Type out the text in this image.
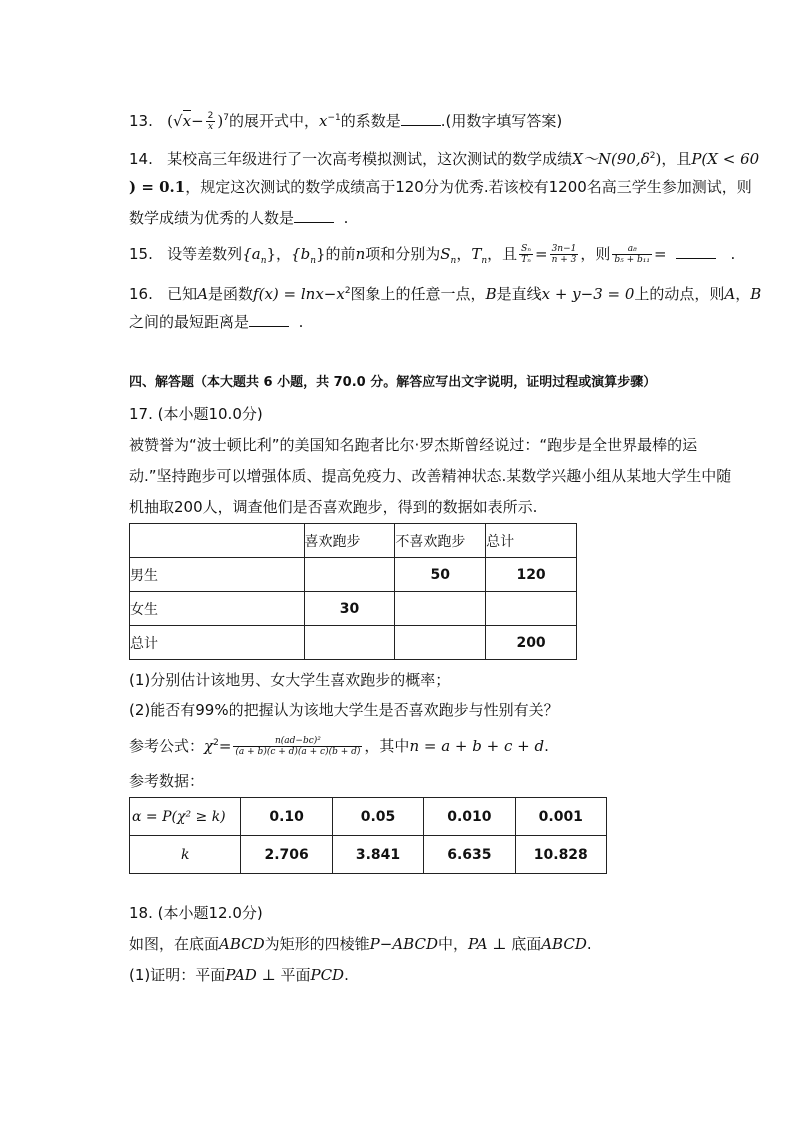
13. $(√x- \frac{2}{x} )^7$的展开式中，$x^{-1}$的系数是	.(用数字填写答案)
14. 某校高三年级进行了一次高考模拟测试，这次测试的数学成绩$X\sim N(90,\delta^2)$，且P(X < 60
) = 0.1，规定这次测试的数学成绩高于120分为优秀.若该校有1200名高三学生参加测试，则
数学成绩为优秀的人数是	.
15. 设等差数列$\{a_n\}$，$\{b_n\}$的前n项和分别为$S_n$，$T_n$，且 $\frac{\text{Sₙ}}{\text{Tₙ}} = \frac{3n-1}{n + 3}$ ，则 $\frac{\text{a₈}}{\text{b₅ + b₁₁}}$ =	.
16. 已知A是函数$f(x) = \ln x-x^2$图象上的任意一点，B是直线x + y−3 = 0上的动点，则A，B
之间的最短距离是	.
四、解答题（本大题共 6 小题，共 70.0 分。解答应写出文字说明，证明过程或演算步骤）
17. (本小题10.0分)
被赞誉为“波士顿比利”的美国知名跑者比尔·罗杰斯曾经说过：“跑步是全世界最棒的运
动.”坚持跑步可以增强体质、提高免疫力、改善精神状态.某数学兴趣小组从某地大学生中随
机抽取200人，调查他们是否喜欢跑步，得到的数据如表所示.
	喜欢跑步	不喜欢跑步	总计
男生		50	120
女生	30		
总计			200
(1)分别估计该地男、女大学生喜欢跑步的概率；
(2)能否有99%的把握认为该地大学生是否喜欢跑步与性别有关？
参考公式：$\chi^2= \frac{\text{n(ad−bc)²}}{(a + b)(c + d)(a + c)(b + d)}$ ，其中n = a + b + c + d.
参考数据：
α = P(χ² ≥ k)	0.10	0.05	0.010	0.001
k	2.706	3.841	6.635	10.828
18. (本小题12.0分)
如图，在底面ABCD为矩形的四棱锥P−ABCD中，PA ⊥ 底面ABCD.
(1)证明：平面PAD ⊥ 平面PCD.
